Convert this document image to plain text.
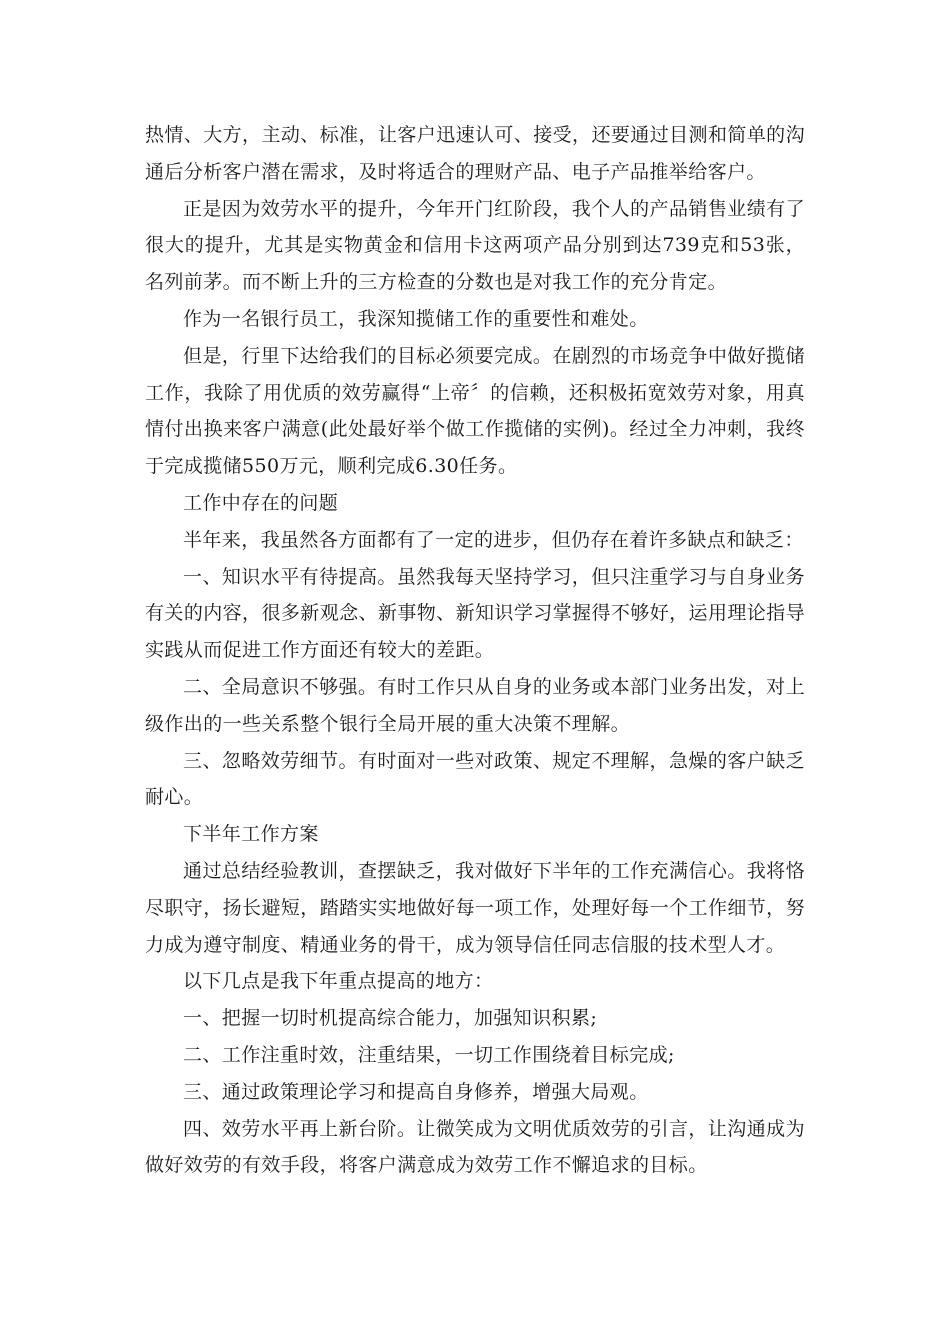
热情、大方，主动、标准，让客户迅速认可、接受，还要通过目测和简单的沟通后分析客户潜在需求，及时将适合的理财产品、电子产品推举给客户。

正是因为效劳水平的提升，今年开门红阶段，我个人的产品销售业绩有了很大的提升，尤其是实物黄金和信用卡这两项产品分别到达739克和53张，名列前茅。而不断上升的三方检查的分数也是对我工作的充分肯定。

作为一名银行员工，我深知揽储工作的重要性和难处。

但是，行里下达给我们的目标必须要完成。在剧烈的市场竞争中做好揽储工作，我除了用优质的效劳赢得“上帝〞的信赖，还积极拓宽效劳对象，用真情付出换来客户满意(此处最好举个做工作揽储的实例)。经过全力冲刺，我终于完成揽储550万元，顺利完成6.30任务。

工作中存在的问题

半年来，我虽然各方面都有了一定的进步，但仍存在着许多缺点和缺乏：

一、知识水平有待提高。虽然我每天坚持学习，但只注重学习与自身业务有关的内容，很多新观念、新事物、新知识学习掌握得不够好，运用理论指导实践从而促进工作方面还有较大的差距。

二、全局意识不够强。有时工作只从自身的业务或本部门业务出发，对上级作出的一些关系整个银行全局开展的重大决策不理解。

三、忽略效劳细节。有时面对一些对政策、规定不理解，急燥的客户缺乏耐心。

下半年工作方案

通过总结经验教训，查摆缺乏，我对做好下半年的工作充满信心。我将恪尽职守，扬长避短，踏踏实实地做好每一项工作，处理好每一个工作细节，努力成为遵守制度、精通业务的骨干，成为领导信任同志信服的技术型人才。

以下几点是我下年重点提高的地方：

一、把握一切时机提高综合能力，加强知识积累;

二、工作注重时效，注重结果，一切工作围绕着目标完成;

三、通过政策理论学习和提高自身修养，增强大局观。

四、效劳水平再上新台阶。让微笑成为文明优质效劳的引言，让沟通成为做好效劳的有效手段，将客户满意成为效劳工作不懈追求的目标。
